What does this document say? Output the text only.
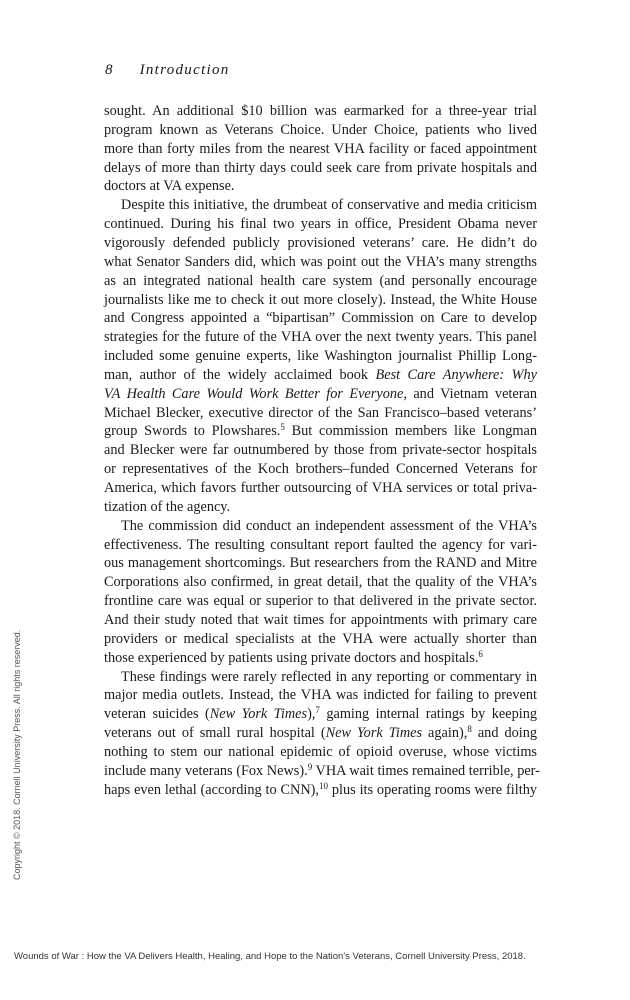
8 Introduction
sought. An additional $10 billion was earmarked for a three-year trial
program known as Veterans Choice. Under Choice, patients who lived
more than forty miles from the nearest VHA facility or faced appointment
delays of more than thirty days could seek care from private hospitals and
doctors at VA expense.
Despite this initiative, the drumbeat of conservative and media criticism
continued. During his final two years in office, President Obama never
vigorously defended publicly provisioned veterans’ care. He didn’t do
what Senator Sanders did, which was point out the VHA’s many strengths
as an integrated national health care system (and personally encourage
journalists like me to check it out more closely). Instead, the White House
and Congress appointed a “bipartisan” Commission on Care to develop
strategies for the future of the VHA over the next twenty years. This panel
included some genuine experts, like Washington journalist Phillip Long-
man, author of the widely acclaimed book Best Care Anywhere: Why
VA Health Care Would Work Better for Everyone, and Vietnam veteran
Michael Blecker, executive director of the San Francisco–based veterans’
group Swords to Plowshares.$^5$ But commission members like Longman
and Blecker were far outnumbered by those from private-sector hospitals
or representatives of the Koch brothers–funded Concerned Veterans for
America, which favors further outsourcing of VHA services or total priva-
tization of the agency.
The commission did conduct an independent assessment of the VHA’s
effectiveness. The resulting consultant report faulted the agency for vari-
ous management shortcomings. But researchers from the RAND and Mitre
Corporations also confirmed, in great detail, that the quality of the VHA’s
frontline care was equal or superior to that delivered in the private sector.
And their study noted that wait times for appointments with primary care
providers or medical specialists at the VHA were actually shorter than
those experienced by patients using private doctors and hospitals.$^6$
These findings were rarely reflected in any reporting or commentary in
major media outlets. Instead, the VHA was indicted for failing to prevent
veteran suicides (New York Times),$^7$ gaming internal ratings by keeping
veterans out of small rural hospital (New York Times again),$^8$ and doing
nothing to stem our national epidemic of opioid overuse, whose victims
include many veterans (Fox News).$^9$ VHA wait times remained terrible, per-
haps even lethal (according to CNN),$^{10}$ plus its operating rooms were filthy
Copyright © 2018. Cornell University Press. All rights reserved.
Wounds of War : How the VA Delivers Health, Healing, and Hope to the Nation's Veterans, Cornell University Press, 2018.
